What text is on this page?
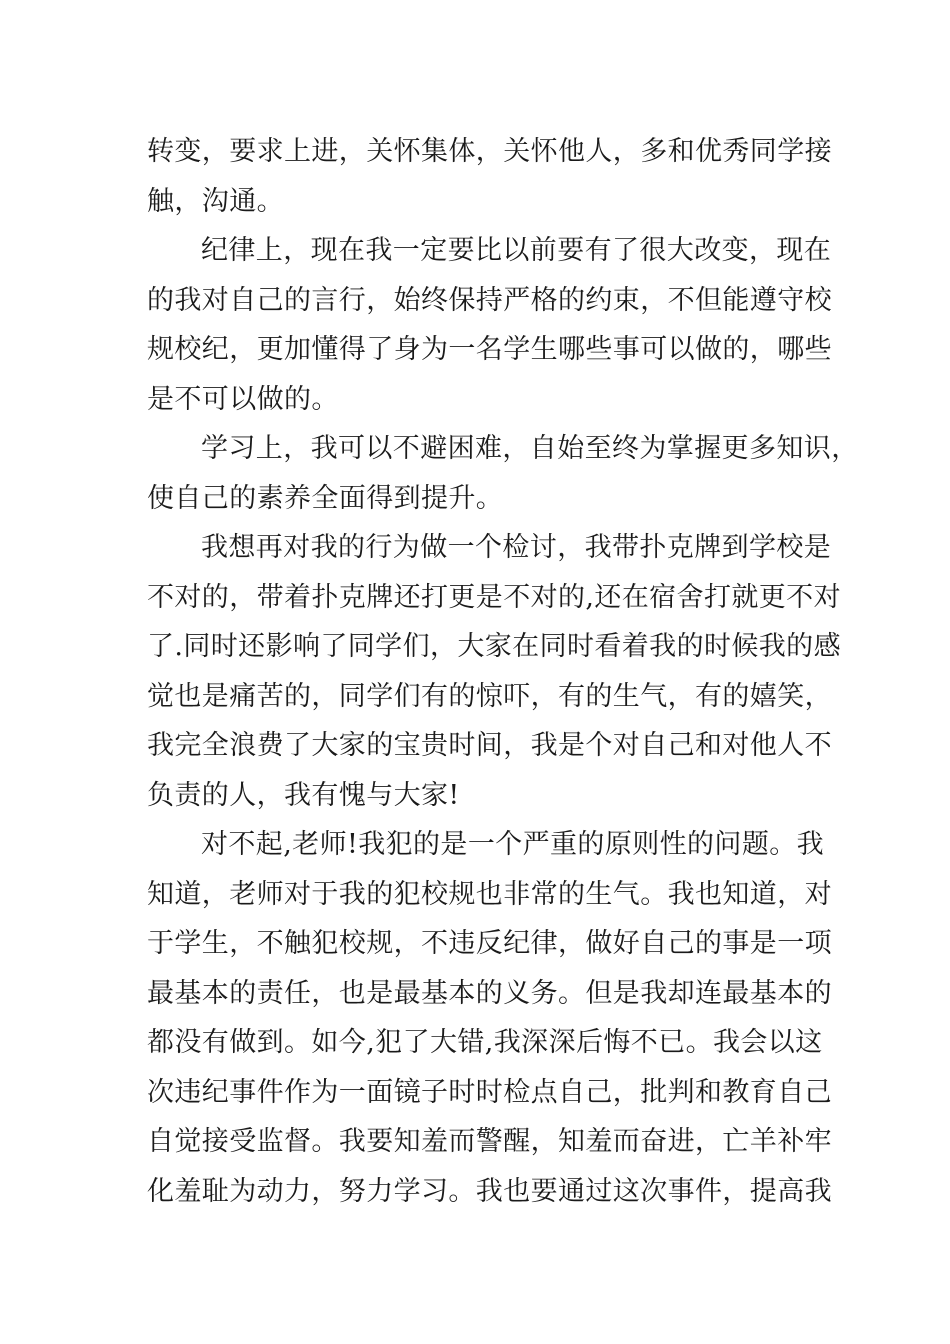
转变，要求上进，关怀集体，关怀他人，多和优秀同学接
触，沟通。
纪律上，现在我一定要比以前要有了很大改变，现在
的我对自己的言行，始终保持严格的约束，不但能遵守校
规校纪，更加懂得了身为一名学生哪些事可以做的，哪些
是不可以做的。
学习上，我可以不避困难，自始至终为掌握更多知识，
使自己的素养全面得到提升。
我想再对我的行为做一个检讨，我带扑克牌到学校是
不对的，带着扑克牌还打更是不对的,还在宿舍打就更不对
了.同时还影响了同学们，大家在同时看着我的时候我的感
觉也是痛苦的，同学们有的惊吓，有的生气，有的嬉笑，
我完全浪费了大家的宝贵时间，我是个对自己和对他人不
负责的人，我有愧与大家!
对不起,老师!我犯的是一个严重的原则性的问题。我
知道，老师对于我的犯校规也非常的生气。我也知道，对
于学生，不触犯校规，不违反纪律，做好自己的事是一项
最基本的责任，也是最基本的义务。但是我却连最基本的
都没有做到。如今,犯了大错,我深深后悔不已。我会以这
次违纪事件作为一面镜子时时检点自己，批判和教育自己
自觉接受监督。我要知羞而警醒，知羞而奋进，亡羊补牢
化羞耻为动力，努力学习。我也要通过这次事件，提高我
